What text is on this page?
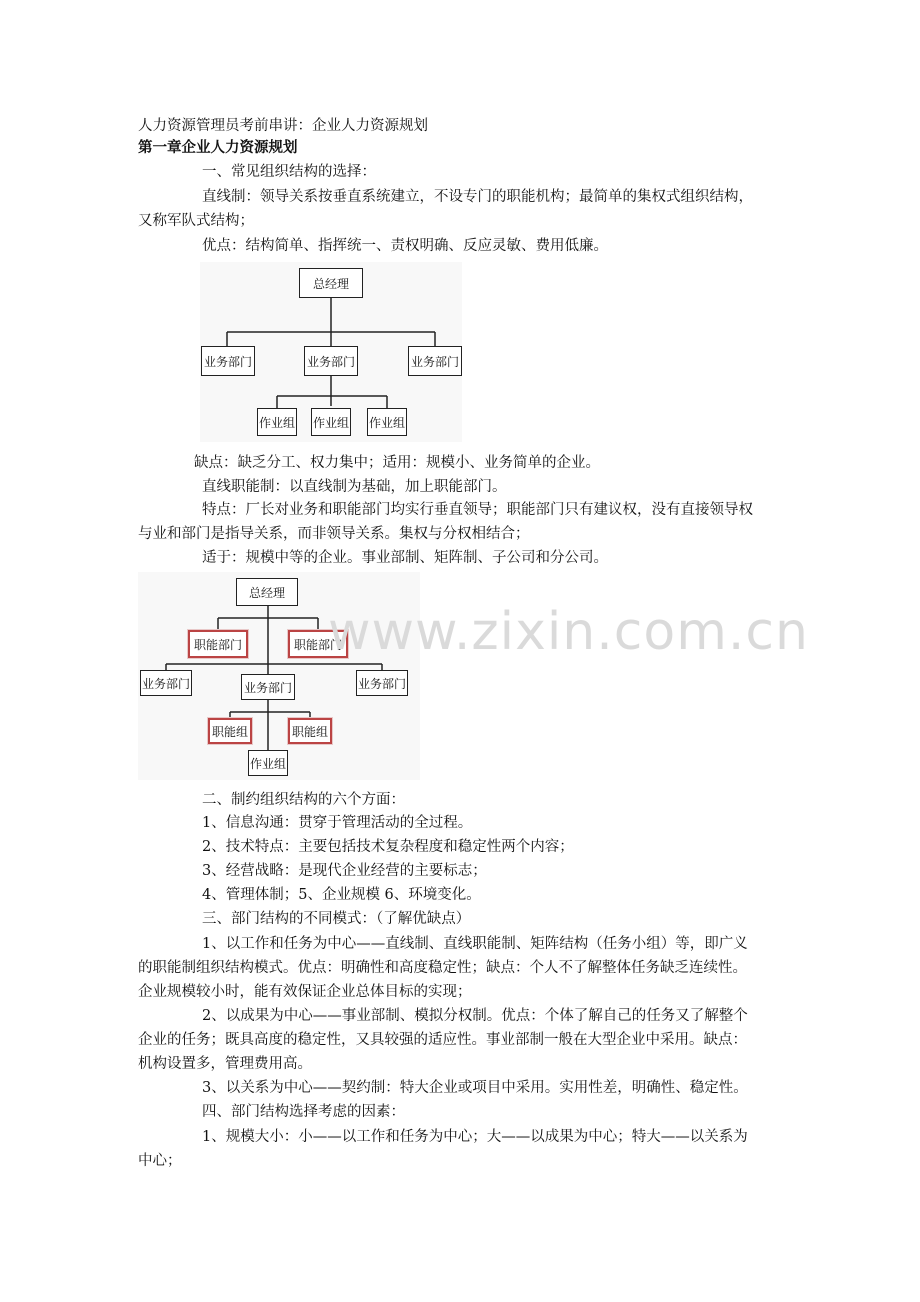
人力资源管理员考前串讲：企业人力资源规划
第一章企业人力资源规划
一、常见组织结构的选择：
直线制：领导关系按垂直系统建立，不设专门的职能机构；最简单的集权式组织结构，
又称军队式结构；
优点：结构简单、指挥统一、责权明确、反应灵敏、费用低廉。
总经理
业务部门	业务部门	业务部门
作业组 作业组 作业组
缺点：缺乏分工、权力集中；适用：规模小、业务简单的企业。
直线职能制：以直线制为基础，加上职能部门。
特点：厂长对业务和职能部门均实行垂直领导；职能部门只有建议权，没有直接领导权
与业和部门是指导关系，而非领导关系。集权与分权相结合；
适于：规模中等的企业。事业部制、矩阵制、子公司和分公司。
总经理
职能部门	职能部门
业务部门	业务部门	业务部门
职能组	职能组
作业组
www.zixin.com.cn
二、制约组织结构的六个方面：
1、信息沟通：贯穿于管理活动的全过程。
2、技术特点：主要包括技术复杂程度和稳定性两个内容；
3、经营战略：是现代企业经营的主要标志；
4、管理体制；5、企业规模 6、环境变化。
三、部门结构的不同模式：（了解优缺点）
1、以工作和任务为中心——直线制、直线职能制、矩阵结构（任务小组）等，即广义
的职能制组织结构模式。优点：明确性和高度稳定性；缺点：个人不了解整体任务缺乏连续性。
企业规模较小时，能有效保证企业总体目标的实现；
2、以成果为中心——事业部制、模拟分权制。优点：个体了解自己的任务又了解整个
企业的任务；既具高度的稳定性，又具较强的适应性。事业部制一般在大型企业中采用。缺点：
机构设置多，管理费用高。
3、以关系为中心——契约制：特大企业或项目中采用。实用性差，明确性、稳定性。
四、部门结构选择考虑的因素：
1、规模大小：小——以工作和任务为中心；大——以成果为中心；特大——以关系为
中心；
